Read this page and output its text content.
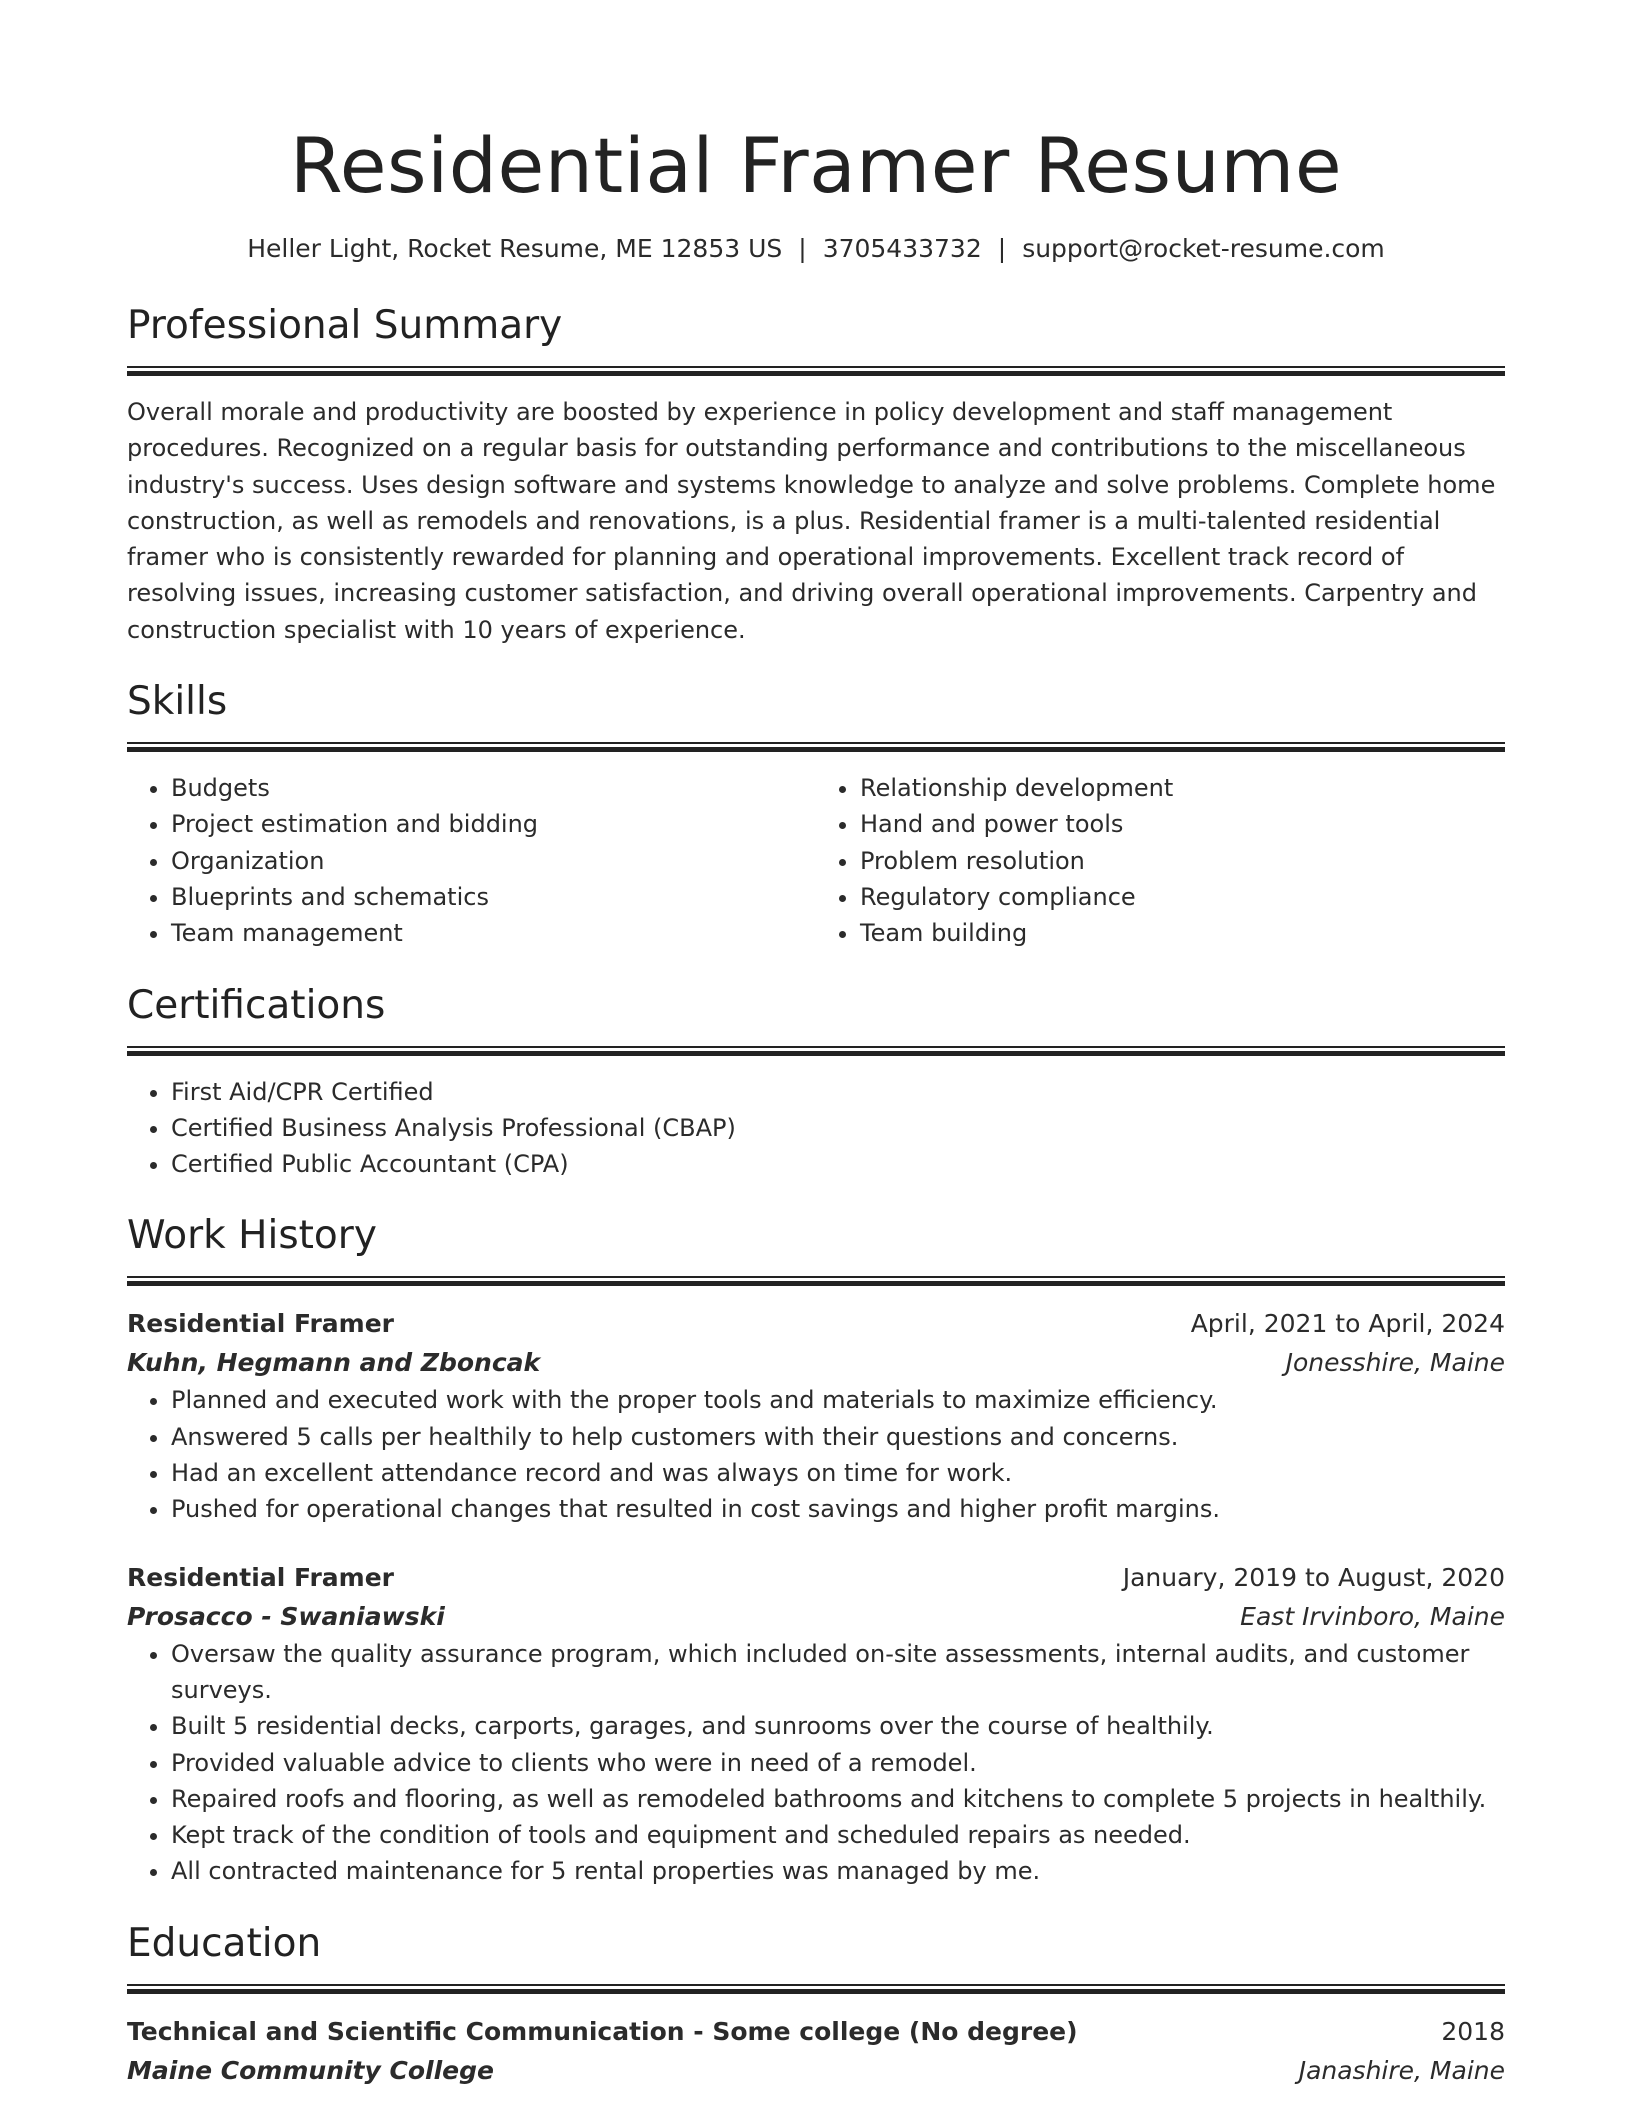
Residential Framer Resume
Heller Light, Rocket Resume, ME 12853 US | 3705433732 | support@rocket-resume.com
Professional Summary

Overall morale and productivity are boosted by experience in policy development and staff management procedures. Recognized on a regular basis for outstanding performance and contributions to the miscellaneous industry's success. Uses design software and systems knowledge to analyze and solve problems. Complete home construction, as well as remodels and renovations, is a plus. Residential framer is a multi-talented residential framer who is consistently rewarded for planning and operational improvements. Excellent track record of resolving issues, increasing customer satisfaction, and driving overall operational improvements. Carpentry and construction specialist with 10 years of experience.

Skills
• Budgets
• Project estimation and bidding
• Organization
• Blueprints and schematics
• Team management
• Relationship development
• Hand and power tools
• Problem resolution
• Regulatory compliance
• Team building
Certifications
• First Aid/CPR Certified
• Certified Business Analysis Professional (CBAP)
• Certified Public Accountant (CPA)
Work History
Residential Framer	April, 2021 to April, 2024
Kuhn, Hegmann and Zboncak	Jonesshire, Maine
• Planned and executed work with the proper tools and materials to maximize efficiency.
• Answered 5 calls per healthily to help customers with their questions and concerns.
• Had an excellent attendance record and was always on time for work.
• Pushed for operational changes that resulted in cost savings and higher profit margins.
Residential Framer	January, 2019 to August, 2020
Prosacco - Swaniawski	East Irvinboro, Maine
• Oversaw the quality assurance program, which included on-site assessments, internal audits, and customer surveys.
• Built 5 residential decks, carports, garages, and sunrooms over the course of healthily.
• Provided valuable advice to clients who were in need of a remodel.
• Repaired roofs and flooring, as well as remodeled bathrooms and kitchens to complete 5 projects in healthily.
• Kept track of the condition of tools and equipment and scheduled repairs as needed.
• All contracted maintenance for 5 rental properties was managed by me.
Education
Technical and Scientific Communication - Some college (No degree)	2018
Maine Community College	Janashire, Maine
